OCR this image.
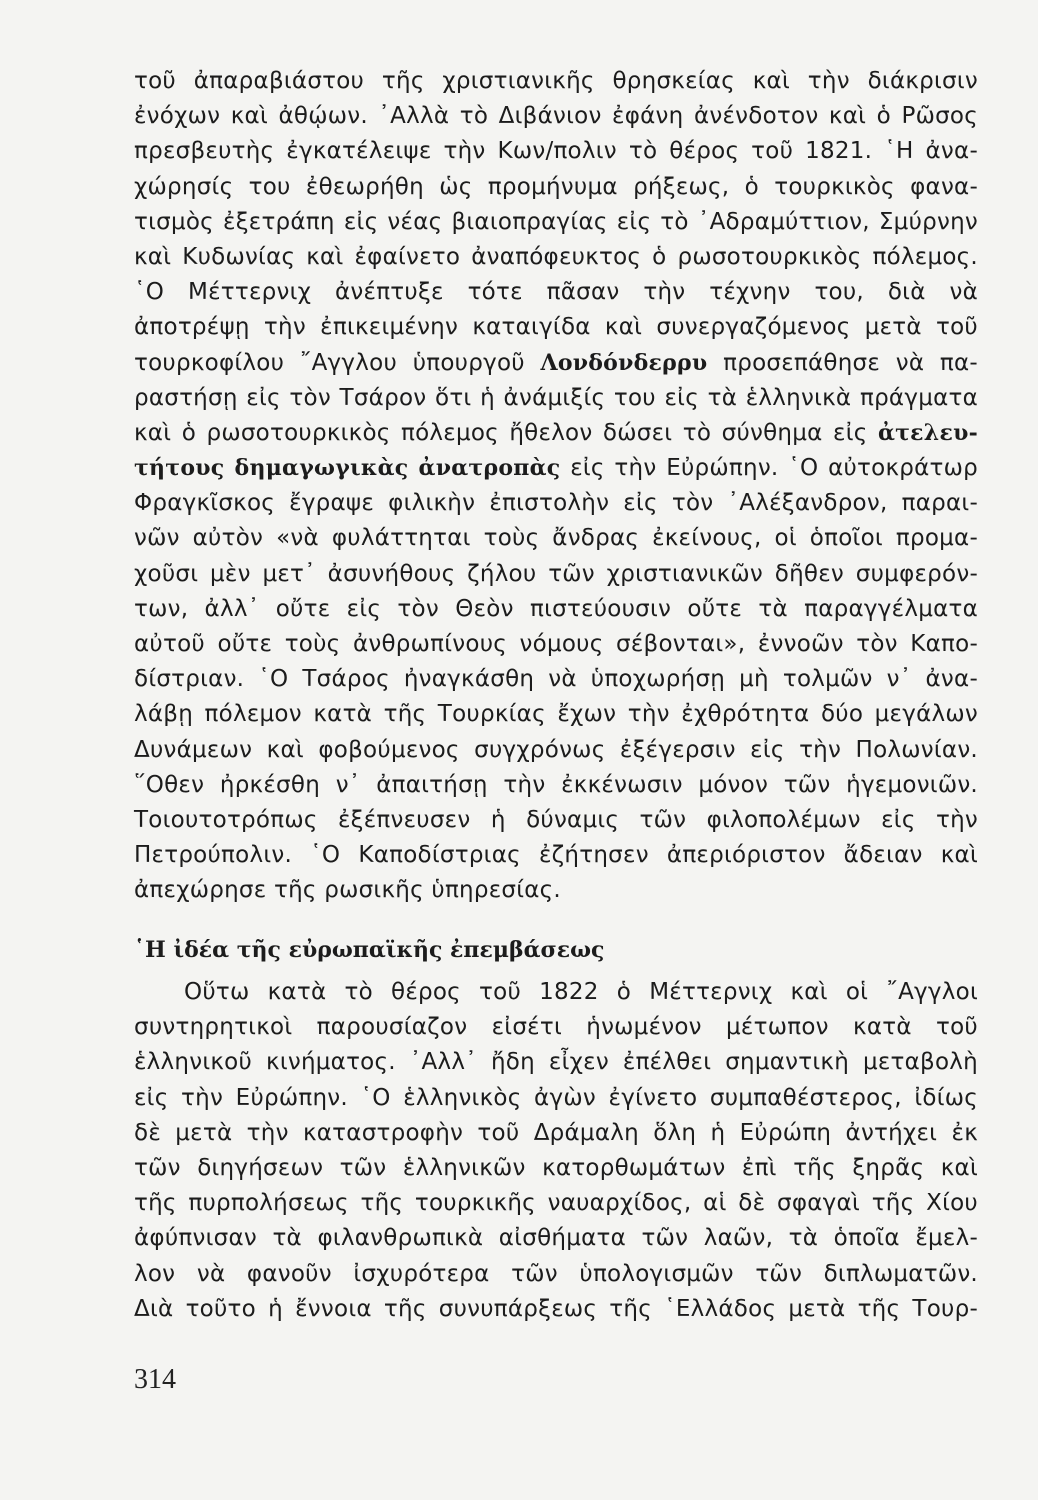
τοῦ ἀπαραβιάστου τῆς χριστιανικῆς θρησκείας καὶ τὴν διάκρισιν
ἐνόχων καὶ ἀθῴων. ᾿Αλλὰ τὸ Διβάνιον ἐφάνη ἀνένδοτον καὶ ὁ Ρῶσος
πρεσβευτὴς ἐγκατέλειψε τὴν Κων/πολιν τὸ θέρος τοῦ 1821. ῾Η ἀνα-
χώρησίς του ἐθεωρήθη ὡς προμήνυμα ρήξεως, ὁ τουρκικὸς φανα-
τισμὸς ἐξετράπη εἰς νέας βιαιοπραγίας εἰς τὸ ᾿Αδραμύττιον, Σμύρνην
καὶ Κυδωνίας καὶ ἐφαίνετο ἀναπόφευκτος ὁ ρωσοτουρκικὸς πόλεμος.
῾Ο Μέττερνιχ ἀνέπτυξε τότε πᾶσαν τὴν τέχνην του, διὰ νὰ
ἀποτρέψῃ τὴν ἐπικειμένην καταιγίδα καὶ συνεργαζόμενος μετὰ τοῦ
τουρκοφίλου ῎Αγγλου ὑπουργοῦ Λονδόνδερρυ προσεπάθησε νὰ πα-
ραστήσῃ εἰς τὸν Τσάρον ὅτι ἡ ἀνάμιξίς του εἰς τὰ ἑλληνικὰ πράγματα
καὶ ὁ ρωσοτουρκικὸς πόλεμος ἤθελον δώσει τὸ σύνθημα εἰς ἀτελευ-
τήτους δημαγωγικὰς ἀνατροπὰς εἰς τὴν Εὐρώπην. ῾Ο αὐτοκράτωρ
Φραγκῖσκος ἔγραψε φιλικὴν ἐπιστολὴν εἰς τὸν ᾿Αλέξανδρον, παραι-
νῶν αὐτὸν «νὰ φυλάττηται τοὺς ἄνδρας ἐκείνους, οἱ ὁποῖοι προμα-
χοῦσι μὲν μετ᾿ ἀσυνήθους ζήλου τῶν χριστιανικῶν δῆθεν συμφερόν-
των, ἀλλ᾿ οὔτε εἰς τὸν Θεὸν πιστεύουσιν οὔτε τὰ παραγγέλματα
αὐτοῦ οὔτε τοὺς ἀνθρωπίνους νόμους σέβονται», ἐννοῶν τὸν Καπο-
δίστριαν. ῾Ο Τσάρος ἠναγκάσθη νὰ ὑποχωρήσῃ μὴ τολμῶν ν᾿ ἀνα-
λάβῃ πόλεμον κατὰ τῆς Τουρκίας ἔχων τὴν ἐχθρότητα δύο μεγάλων
Δυνάμεων καὶ φοβούμενος συγχρόνως ἐξέγερσιν εἰς τὴν Πολωνίαν.
῞Οθεν ἠρκέσθη ν᾿ ἀπαιτήσῃ τὴν ἐκκένωσιν μόνον τῶν ἡγεμονιῶν.
Τοιουτοτρόπως ἐξέπνευσεν ἡ δύναμις τῶν φιλοπολέμων εἰς τὴν
Πετρούπολιν. ῾Ο Καποδίστριας ἐζήτησεν ἀπεριόριστον ἄδειαν καὶ
ἀπεχώρησε τῆς ρωσικῆς ὑπηρεσίας.
῾Η ἰδέα τῆς εὐρωπαϊκῆς ἐπεμβάσεως
Οὕτω κατὰ τὸ θέρος τοῦ 1822 ὁ Μέττερνιχ καὶ οἱ ῎Αγγλοι
συντηρητικοὶ παρουσίαζον εἰσέτι ἡνωμένον μέτωπον κατὰ τοῦ
ἑλληνικοῦ κινήματος. ᾿Αλλ᾿ ἤδη εἶχεν ἐπέλθει σημαντικὴ μεταβολὴ
εἰς τὴν Εὐρώπην. ῾Ο ἑλληνικὸς ἀγὼν ἐγίνετο συμπαθέστερος, ἰδίως
δὲ μετὰ τὴν καταστροφὴν τοῦ Δράμαλη ὅλη ἡ Εὐρώπη ἀντήχει ἐκ
τῶν διηγήσεων τῶν ἑλληνικῶν κατορθωμάτων ἐπὶ τῆς ξηρᾶς καὶ
τῆς πυρπολήσεως τῆς τουρκικῆς ναυαρχίδος, αἱ δὲ σφαγαὶ τῆς Χίου
ἀφύπνισαν τὰ φιλανθρωπικὰ αἰσθήματα τῶν λαῶν, τὰ ὁποῖα ἔμελ-
λον νὰ φανοῦν ἰσχυρότερα τῶν ὑπολογισμῶν τῶν διπλωματῶν.
Διὰ τοῦτο ἡ ἔννοια τῆς συνυπάρξεως τῆς ῾Ελλάδος μετὰ τῆς Τουρ-
314
